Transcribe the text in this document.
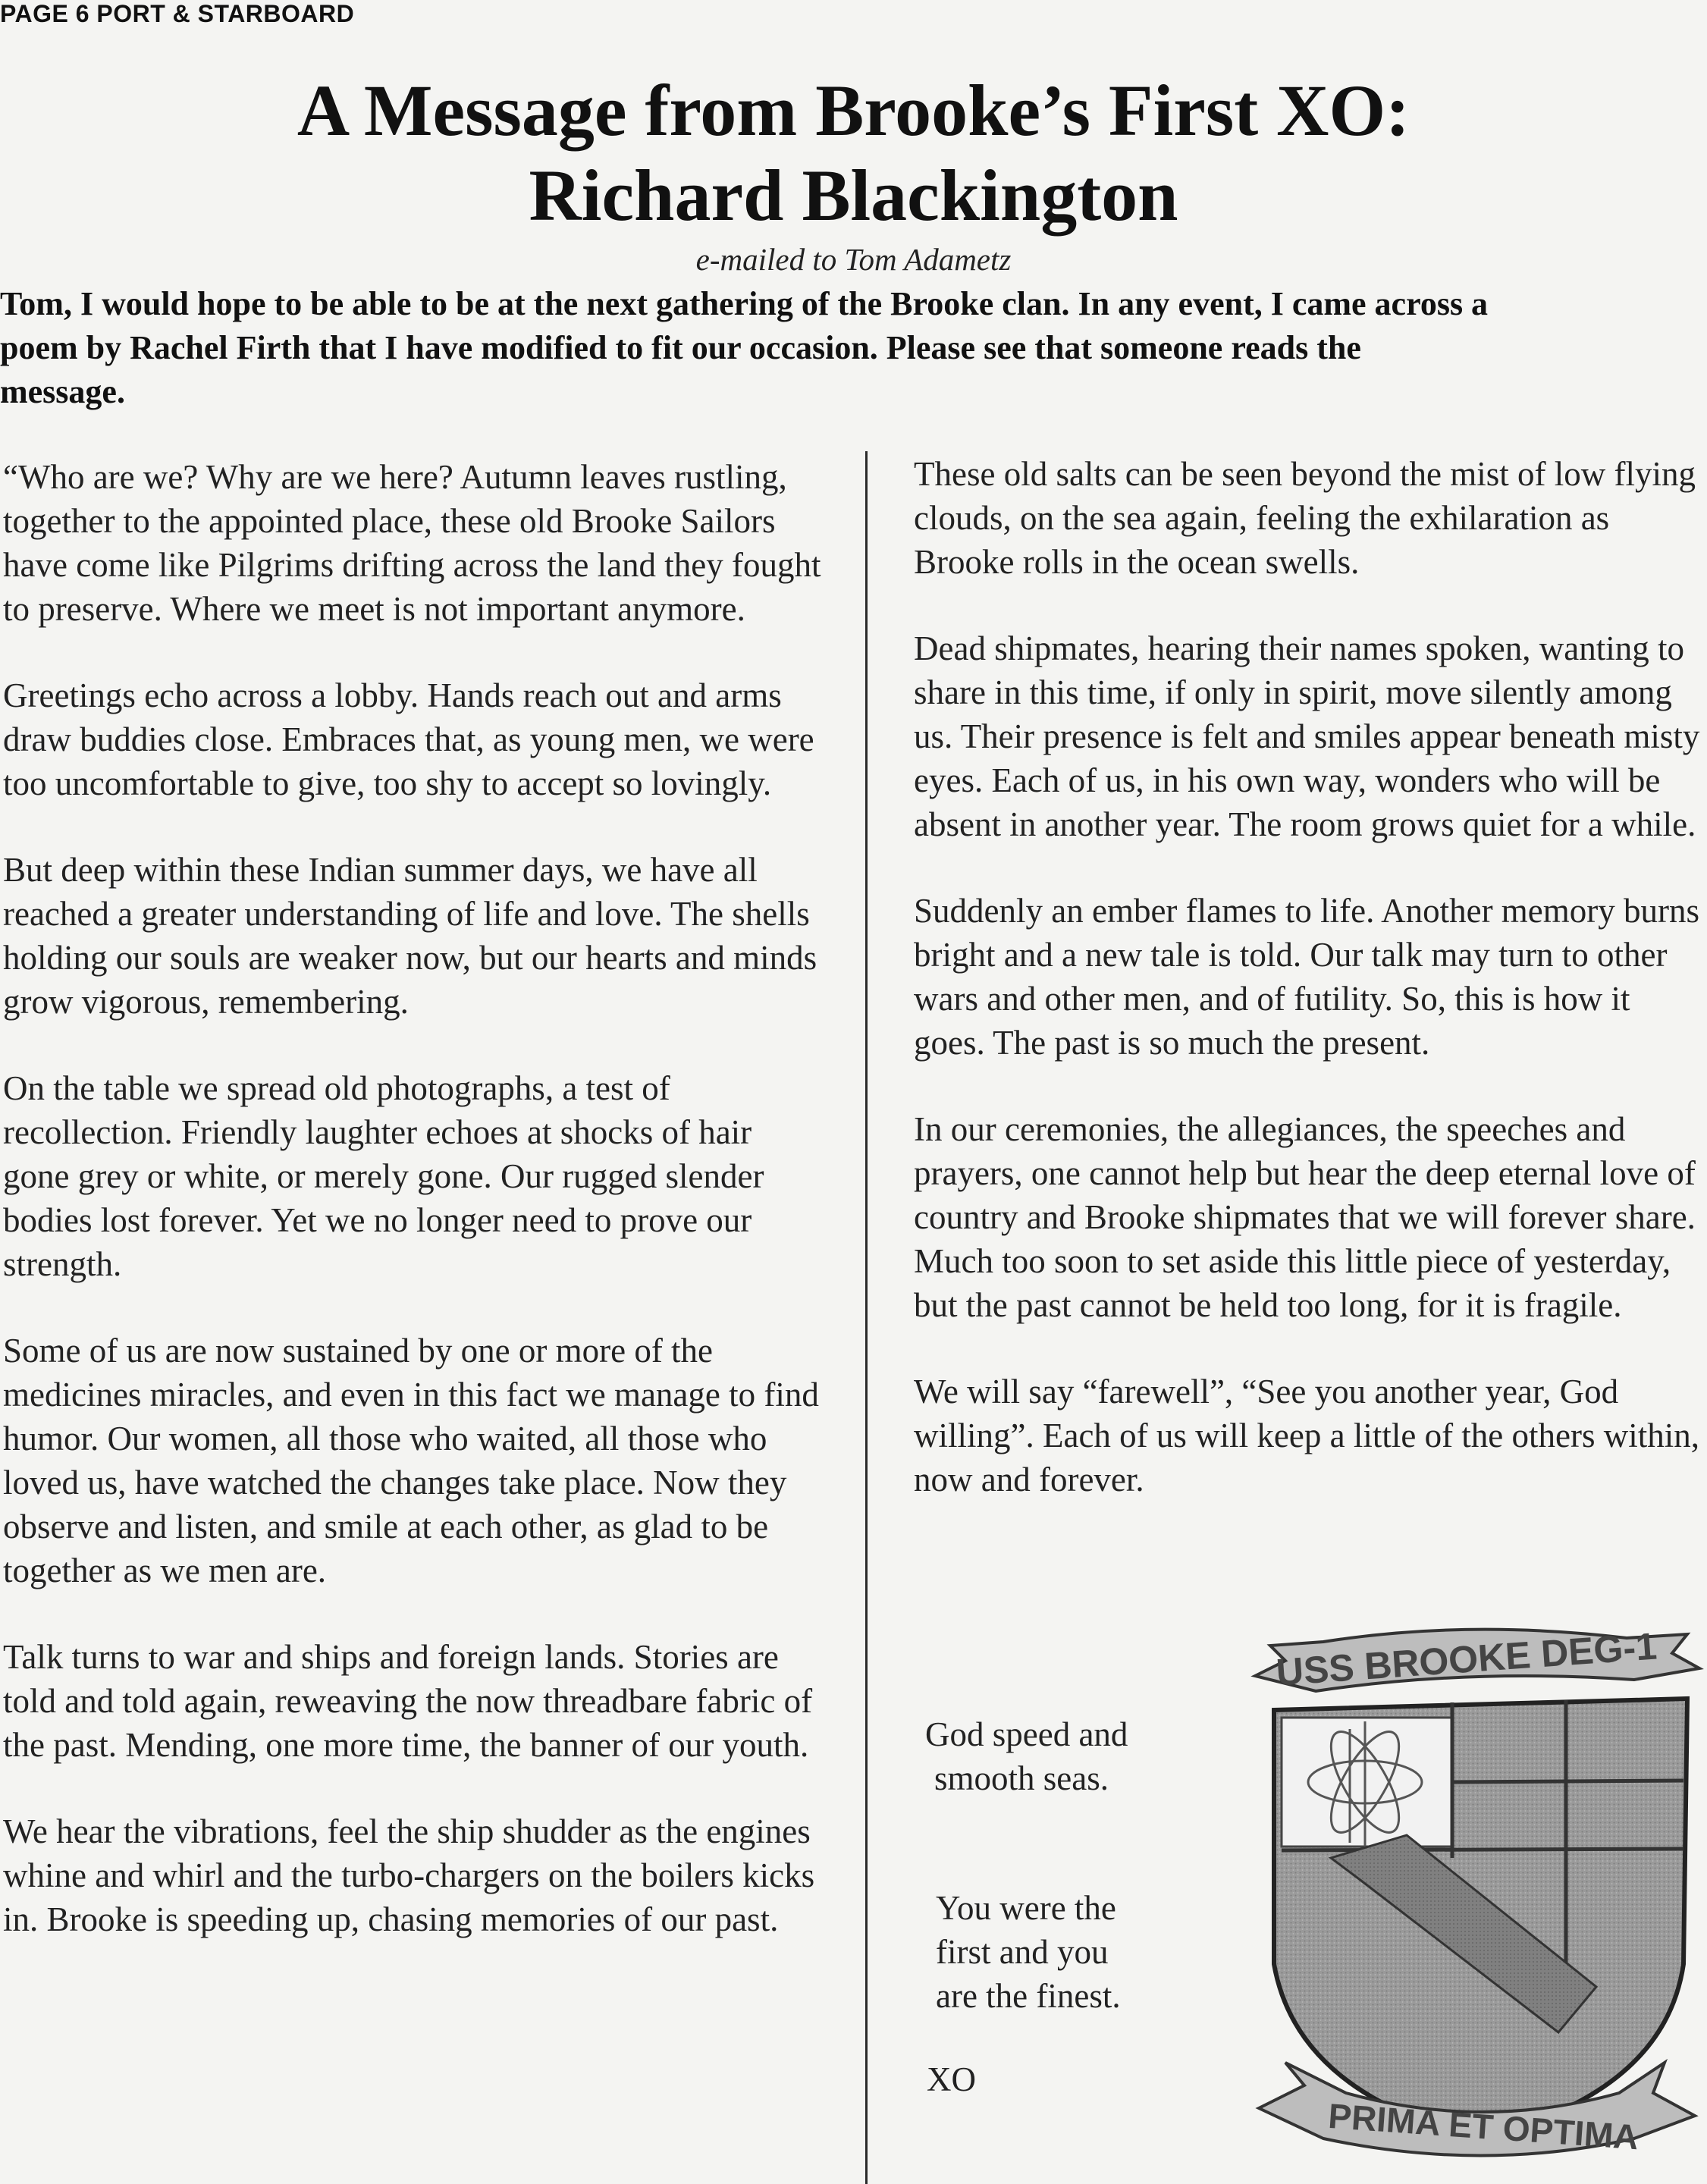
PAGE 6 PORT & STARBOARD
A Message from Brooke’s First XO:
Richard Blackington
e-mailed to Tom Adametz
Tom, I would hope to be able to be at the next gathering of the Brooke clan. In any event, I came across a
poem by Rachel Firth that I have modified to fit our occasion. Please see that someone reads the
message.

“Who are we? Why are we here? Autumn leaves rustling, together to the appointed place, these old Brooke Sailors have come like Pilgrims drifting across the land they fought to preserve. Where we meet is not important anymore.

Greetings echo across a lobby. Hands reach out and arms draw buddies close. Embraces that, as young men, we were too uncomfortable to give, too shy to accept so lovingly.

But deep within these Indian summer days, we have all reached a greater understanding of life and love. The shells holding our souls are weaker now, but our hearts and minds grow vigorous, remembering.

On the table we spread old photographs, a test of recollection. Friendly laughter echoes at shocks of hair gone grey or white, or merely gone. Our rugged slender bodies lost forever. Yet we no longer need to prove our strength.

Some of us are now sustained by one or more of the medicines miracles, and even in this fact we manage to find humor. Our women, all those who waited, all those who loved us, have watched the changes take place. Now they observe and listen, and smile at each other, as glad to be together as we men are.

Talk turns to war and ships and foreign lands. Stories are told and told again, reweaving the now threadbare fabric of the past. Mending, one more time, the banner of our youth.

We hear the vibrations, feel the ship shudder as the engines whine and whirl and the turbo-chargers on the boilers kicks in. Brooke is speeding up, chasing memories of our past.

These old salts can be seen beyond the mist of low flying clouds, on the sea again, feeling the exhilaration as Brooke rolls in the ocean swells.

Dead shipmates, hearing their names spoken, wanting to share in this time, if only in spirit, move silently among us. Their presence is felt and smiles appear beneath misty eyes. Each of us, in his own way, wonders who will be absent in another year. The room grows quiet for a while.

Suddenly an ember flames to life. Another memory burns bright and a new tale is told. Our talk may turn to other wars and other men, and of futility. So, this is how it goes. The past is so much the present.

In our ceremonies, the allegiances, the speeches and prayers, one cannot help but hear the deep eternal love of country and Brooke shipmates that we will forever share. Much too soon to set aside this little piece of yesterday, but the past cannot be held too long, for it is fragile.

We will say “farewell”, “See you another year, God willing”. Each of us will keep a little of the others within, now and forever.

God speed and
smooth seas.
You were the
first and you
are the finest.
XO
USS BROOKE DEG-1
PRIMA ET OPTIMA
